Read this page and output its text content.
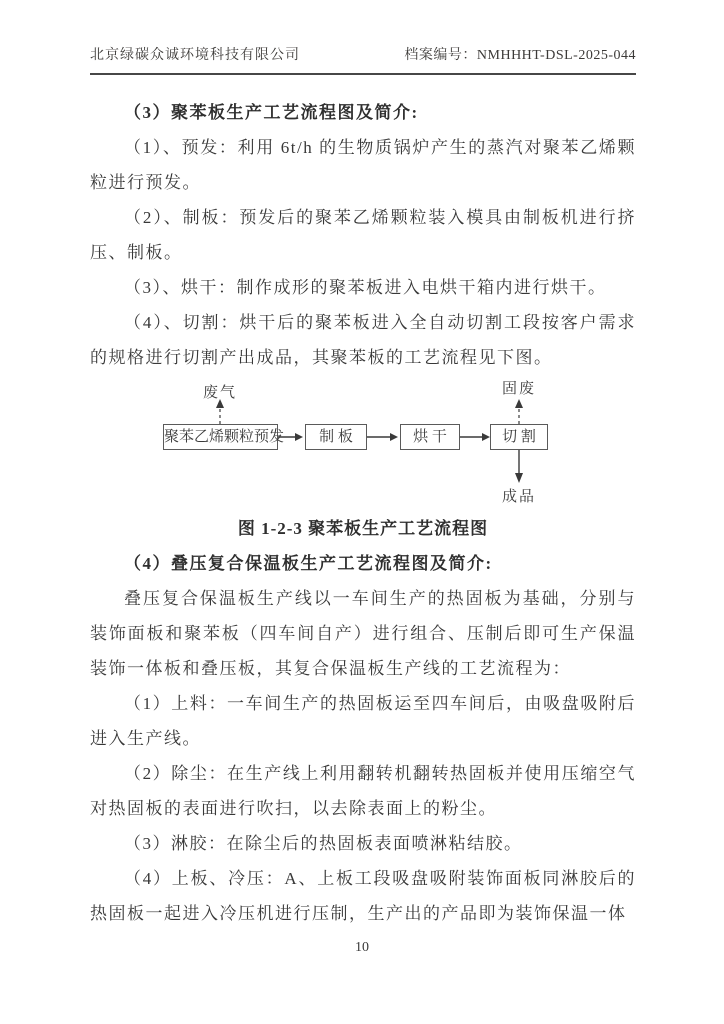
北京绿碳众诚环境科技有限公司	档案编号：NMHHHT-DSL-2025-044

（3）聚苯板生产工艺流程图及简介:

（1）、预发：利用 6t/h 的生物质锅炉产生的蒸汽对聚苯乙烯颗粒进行预发。

（2）、制板：预发后的聚苯乙烯颗粒装入模具由制板机进行挤压、制板。

（3）、烘干：制作成形的聚苯板进入电烘干箱内进行烘干。

（4）、切割：烘干后的聚苯板进入全自动切割工段按客户需求的规格进行切割产出成品，其聚苯板的工艺流程见下图。

废气	固废
聚苯乙烯颗粒预发	制 板	烘 干	切 割
成品

图 1-2-3 聚苯板生产工艺流程图

（4）叠压复合保温板生产工艺流程图及简介:

叠压复合保温板生产线以一车间生产的热固板为基础，分别与装饰面板和聚苯板（四车间自产）进行组合、压制后即可生产保温装饰一体板和叠压板，其复合保温板生产线的工艺流程为：

（1）上料：一车间生产的热固板运至四车间后，由吸盘吸附后进入生产线。

（2）除尘：在生产线上利用翻转机翻转热固板并使用压缩空气对热固板的表面进行吹扫，以去除表面上的粉尘。

（3）淋胶：在除尘后的热固板表面喷淋粘结胶。

（4）上板、冷压：A、上板工段吸盘吸附装饰面板同淋胶后的热固板一起进入冷压机进行压制，生产出的产品即为装饰保温一体

10
